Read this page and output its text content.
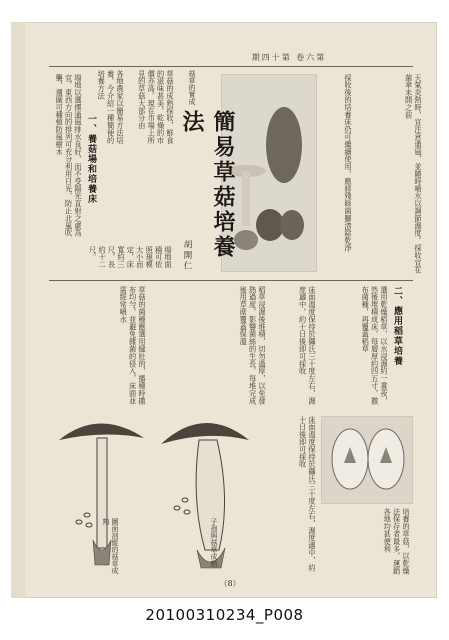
期四十第 卷六第
天氣炎熱時，宜注意通風，並隨時噴水以調節濕度。採收宜在菌傘未開之前
採收後的培養床仍可繼續使用，應將殘餘菌腳清除乾淨
菇草的實成
簡易草菇培養法
胡開仁
草菇的成熟採收，鮮食的滋味甚美，乾燥的市價亦高。現在市場上所見的草菇大部分由
各地農家以簡易方法培養，今介紹一種簡便的培養方法
一、養菇場和培養床
場地以選擇通風排水良好，而不受陽光直射之處為宜，東西方向的排列可充分利用日光，防止北風吹襲，週圍可種植防風樹木
場地面積可依照規模大小而定，床寬約三尺，長約十二尺。
二、應用稻草培養
選用乾燥稻草，以水浸濕約一晝夜，然後堆積成床，每層厚約四五寸，撒布菌種，再覆蓋稻草
床面溫度保持於攝氏三十度左右，濕度適中，約十日後即可採收
稻草浸濕後堆積，切勿過厚，以免發熱過度，影響菌絲的生長。每堆完成後用草蓆覆蓋保溫
草菇的菌種應選用健壯的，播種時撒布均勻，並避免雜菌的侵入，床面並需經常噴水
圖面剖縱的菇草成熟	子孢與菇草成熟	培養的草菇，以乾燥法保存者最多，運銷各地均甚便利
床面溫度保持於攝氏三十度左右，濕度適中，約十日後即可採收
（8）
20100310234_P008
